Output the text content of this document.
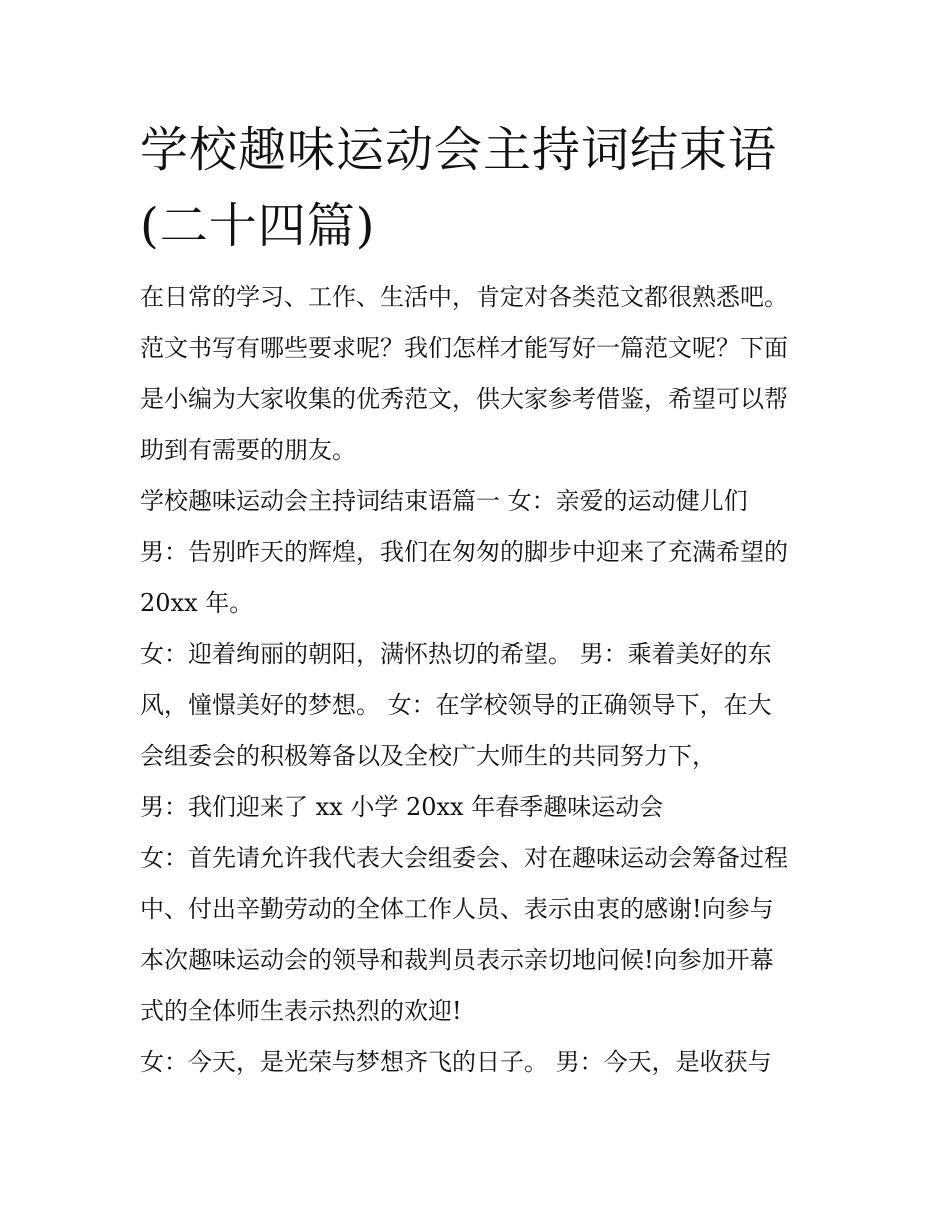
学校趣味运动会主持词结束语
(二十四篇)

在日常的学习、工作、生活中，肯定对各类范文都很熟悉吧。
范文书写有哪些要求呢？我们怎样才能写好一篇范文呢？下面
是小编为大家收集的优秀范文，供大家参考借鉴，希望可以帮
助到有需要的朋友。

学校趣味运动会主持词结束语篇一 女：亲爱的运动健儿们

男：告别昨天的辉煌，我们在匆匆的脚步中迎来了充满希望的
20xx 年。

女：迎着绚丽的朝阳，满怀热切的希望。 男：乘着美好的东
风，憧憬美好的梦想。 女：在学校领导的正确领导下，在大
会组委会的积极筹备以及全校广大师生的共同努力下，

男：我们迎来了 xx 小学 20xx 年春季趣味运动会

女：首先请允许我代表大会组委会、对在趣味运动会筹备过程
中、付出辛勤劳动的全体工作人员、表示由衷的感谢!向参与
本次趣味运动会的领导和裁判员表示亲切地问候!向参加开幕
式的全体师生表示热烈的欢迎!

女：今天，是光荣与梦想齐飞的日子。 男：今天，是收获与
